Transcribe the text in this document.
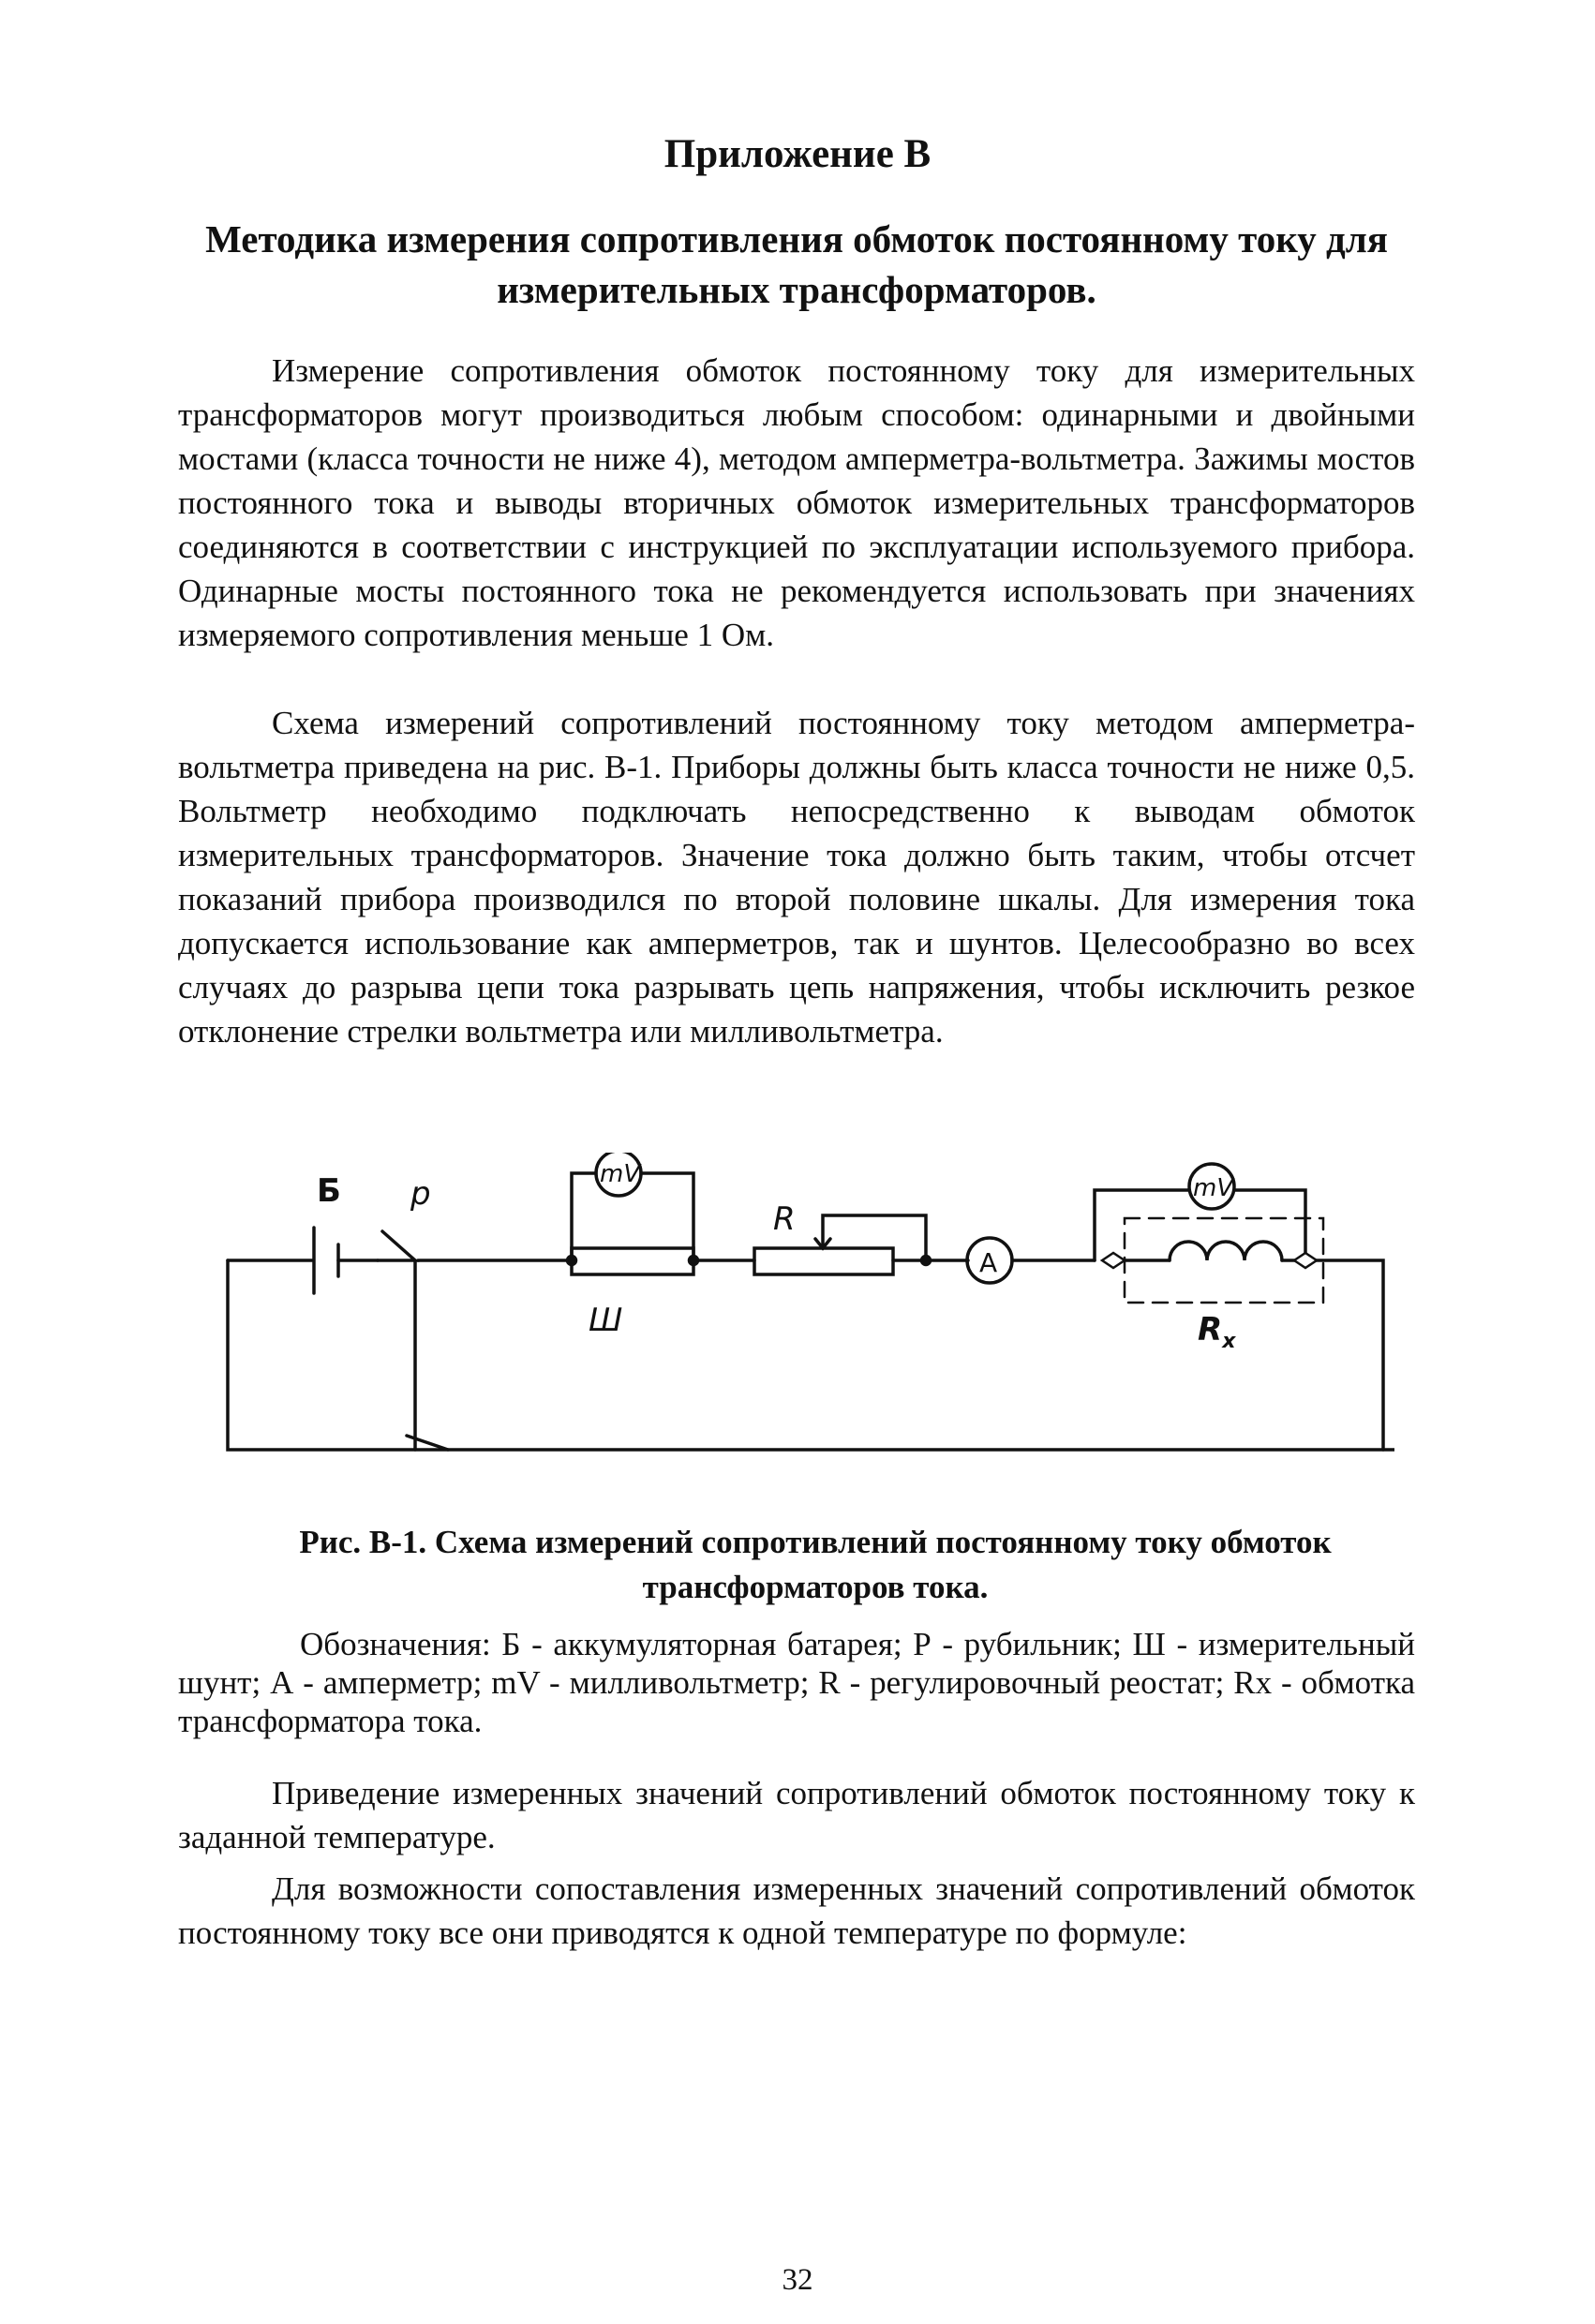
Приложение В
Методика измерения сопротивления обмоток постоянному току для измерительных трансформаторов.

Измерение сопротивления обмоток постоянному току для измерительных трансформаторов могут производиться любым способом: одинарными и двойными мостами (класса точности не ниже 4), методом амперметра-вольтметра. Зажимы мостов постоянного тока и выводы вторичных обмоток измерительных трансформаторов соединяются в соответствии с инструкцией по эксплуатации используемого прибора. Одинарные мосты постоянного тока не рекомендуется использовать при значениях измеряемого сопротивления меньше 1 Ом.

Схема измерений сопротивлений постоянному току методом амперметра-вольтметра приведена на рис. В-1. Приборы должны быть класса точности не ниже 0,5. Вольтметр необходимо подключать непосредственно к выводам обмоток измерительных трансформаторов. Значение тока должно быть таким, чтобы отсчет показаний прибора производился по второй половине шкалы. Для измерения тока допускается использование как амперметров, так и шунтов. Целесообразно во всех случаях до разрыва цепи тока разрывать цепь напряжения, чтобы исключить резкое отклонение стрелки вольтметра или милливольтметра.

Б р
mV
R
Ш
A
mV
$R_x$
Рис. В-1. Схема измерений сопротивлений постоянному току обмоток трансформаторов тока.

Обозначения: Б - аккумуляторная батарея; Р - рубильник; Ш - измерительный шунт; А - амперметр; mV - милливольтметр; R - регулировочный реостат; Rx - обмотка трансформатора тока.

Приведение измеренных значений сопротивлений обмоток постоянному току к заданной температуре.

Для возможности сопоставления измеренных значений сопротивлений обмоток постоянному току все они приводятся к одной температуре по формуле:

32
